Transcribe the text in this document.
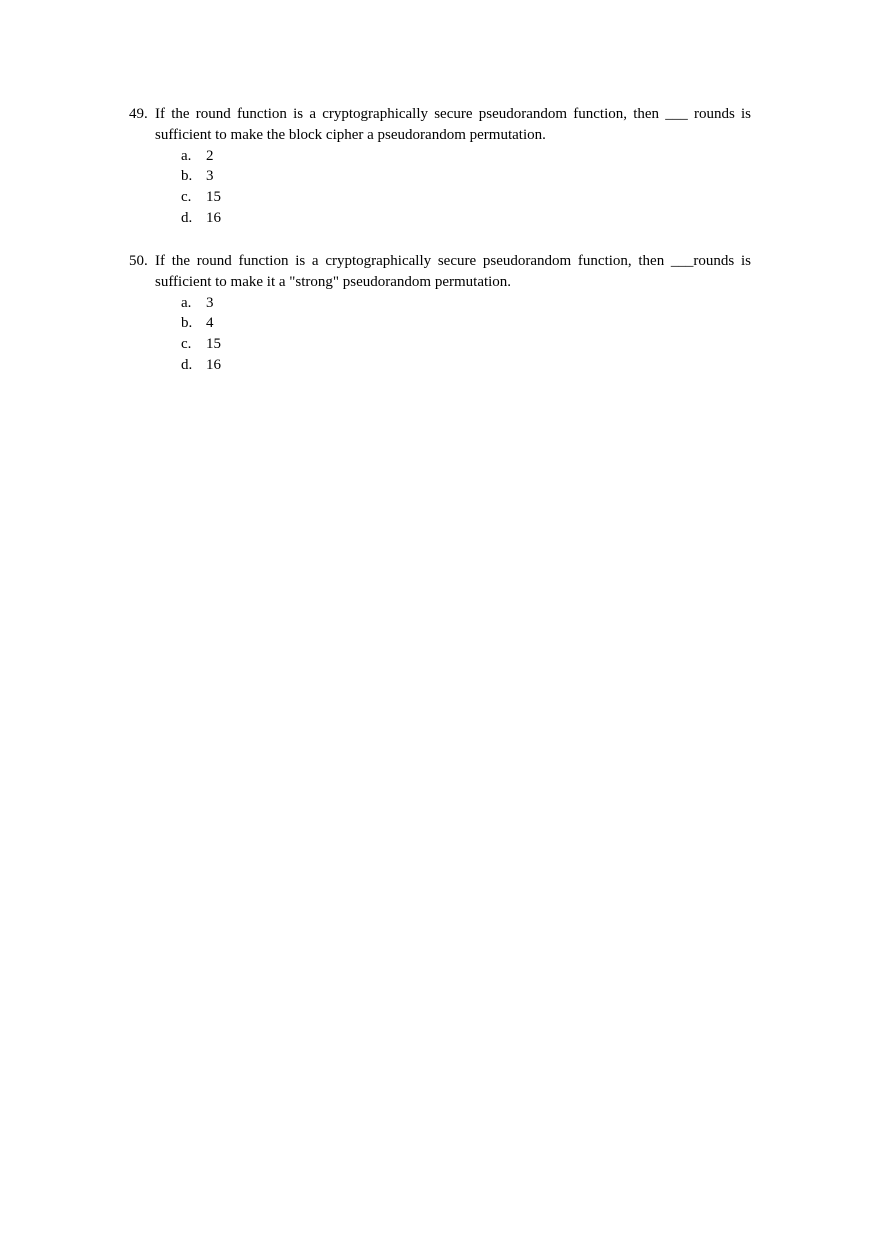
49. If the round function is a cryptographically secure pseudorandom function, then ___ rounds is sufficient to make the block cipher a pseudorandom permutation.
a. 2
b. 3
c. 15
d. 16
50. If the round function is a cryptographically secure pseudorandom function, then ___rounds is sufficient to make it a "strong" pseudorandom permutation.
a. 3
b. 4
c. 15
d. 16
